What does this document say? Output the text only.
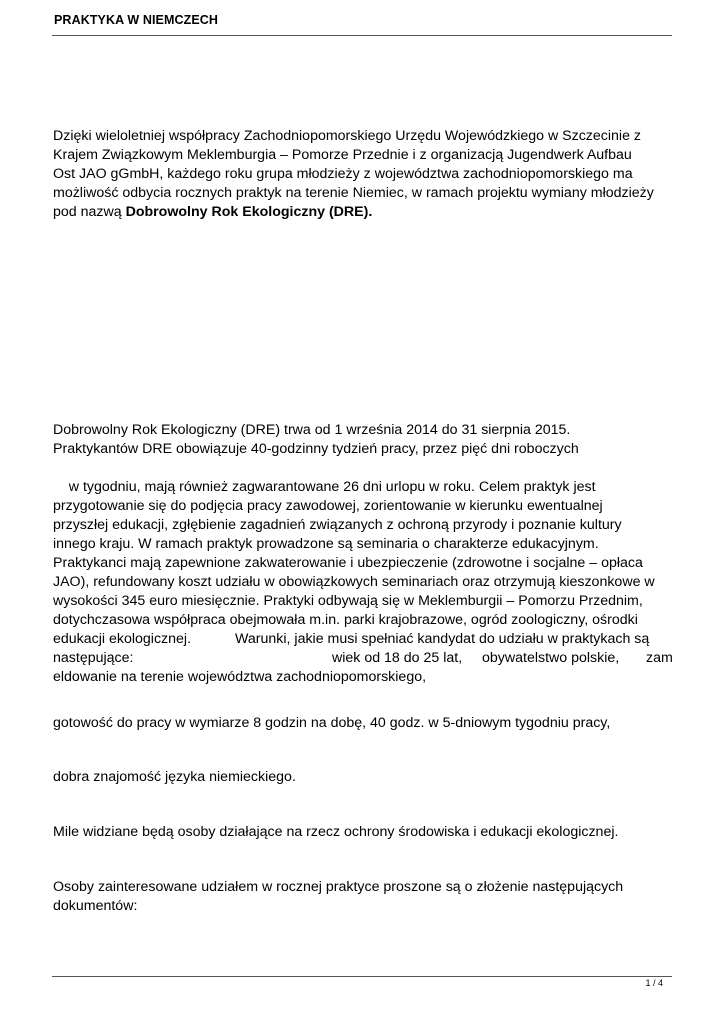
PRAKTYKA W NIEMCZECH
Dzięki wieloletniej współpracy Zachodniopomorskiego Urzędu Wojewódzkiego w Szczecinie z
Krajem Związkowym Meklemburgia – Pomorze Przednie i z organizacją Jugendwerk Aufbau
Ost JAO gGmbH, każdego roku grupa młodzieży z województwa zachodniopomorskiego ma
możliwość odbycia rocznych praktyk na terenie Niemiec, w ramach projektu wymiany młodzieży
pod nazwą Dobrowolny Rok Ekologiczny (DRE).
Dobrowolny Rok Ekologiczny (DRE) trwa od 1 września 2014 do 31 sierpnia 2015.
Praktykantów DRE obowiązuje 40-godzinny tydzień pracy, przez pięć dni roboczych
w tygodniu, mają również zagwarantowane 26 dni urlopu w roku. Celem praktyk jest
przygotowanie się do podjęcia pracy zawodowej, zorientowanie w kierunku ewentualnej
przyszłej edukacji, zgłębienie zagadnień związanych z ochroną przyrody i poznanie kultury
innego kraju. W ramach praktyk prowadzone są seminaria o charakterze edukacyjnym.
Praktykanci mają zapewnione zakwaterowanie i ubezpieczenie (zdrowotne i socjalne – opłaca
JAO), refundowany koszt udziału w obowiązkowych seminariach oraz otrzymują kieszonkowe w
wysokości 345 euro miesięcznie. Praktyki odbywają się w Meklemburgii – Pomorzu Przednim,
dotychczasowa współpraca obejmowała m.in. parki krajobrazowe, ogród zoologiczny, ośrodki
edukacji ekologicznej.	Warunki, jakie musi spełniać kandydat do udziału w praktykach są
następujące:	wiek od 18 do 25 lat, obywatelstwo polskie, zam
eldowanie na terenie województwa zachodniopomorskiego,
gotowość do pracy w wymiarze 8 godzin na dobę, 40 godz. w 5-dniowym tygodniu pracy,
dobra znajomość języka niemieckiego.
Mile widziane będą osoby działające na rzecz ochrony środowiska i edukacji ekologicznej.
Osoby zainteresowane udziałem w rocznej praktyce proszone są o złożenie następujących
dokumentów:
1 / 4
